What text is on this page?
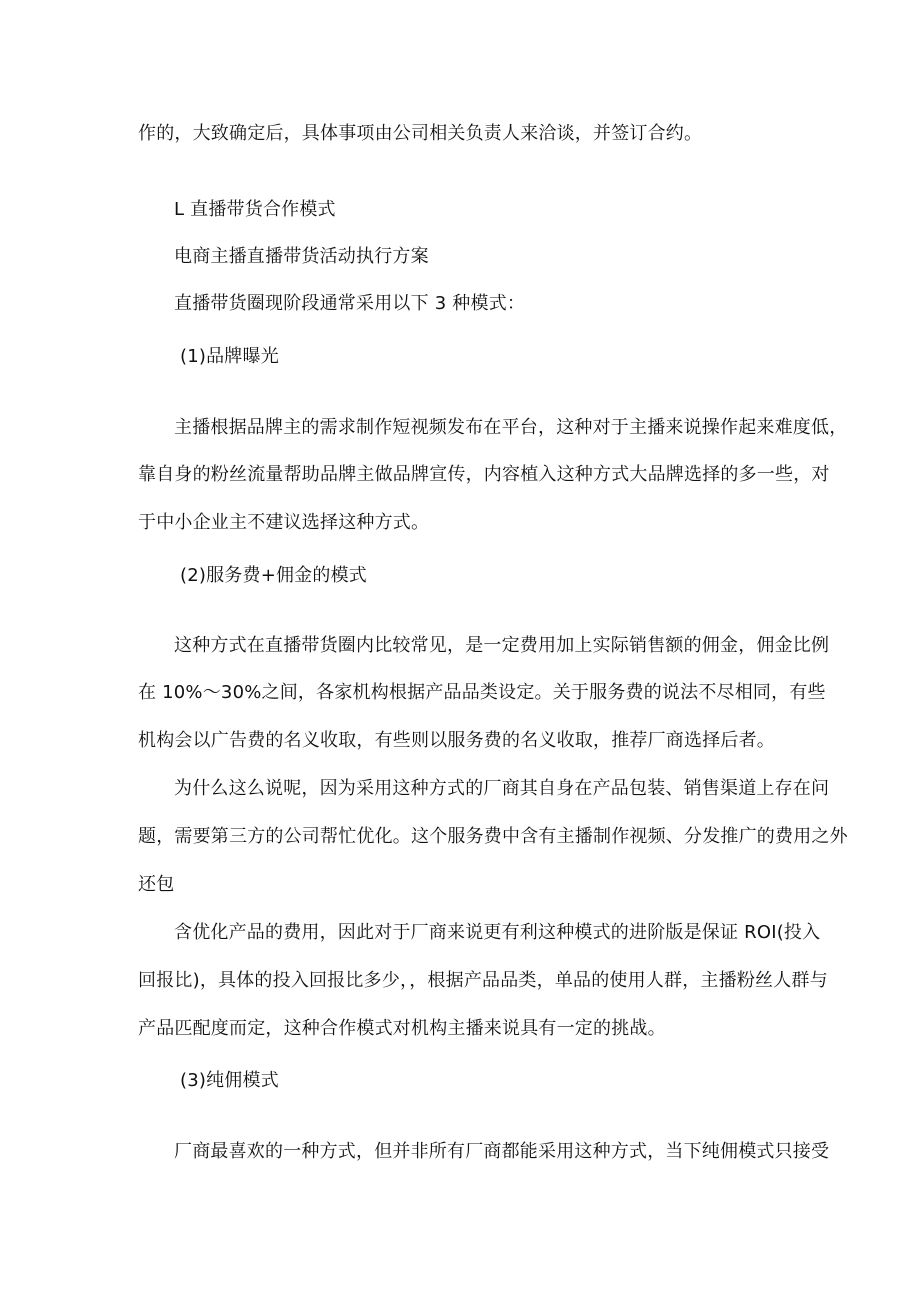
作的，大致确定后，具体事项由公司相关负责人来洽谈，并签订合约。
L 直播带货合作模式
电商主播直播带货活动执行方案
直播带货圈现阶段通常采用以下 3 种模式：
(1)品牌曝光
主播根据品牌主的需求制作短视频发布在平台，这种对于主播来说操作起来难度低，
靠自身的粉丝流量帮助品牌主做品牌宣传，内容植入这种方式大品牌选择的多一些，对
于中小企业主不建议选择这种方式。
(2)服务费+佣金的模式
这种方式在直播带货圈内比较常见，是一定费用加上实际销售额的佣金，佣金比例
在 10%～30%之间，各家机构根据产品品类设定。关于服务费的说法不尽相同，有些
机构会以广告费的名义收取，有些则以服务费的名义收取，推荐厂商选择后者。
为什么这么说呢，因为采用这种方式的厂商其自身在产品包装、销售渠道上存在问
题，需要第三方的公司帮忙优化。这个服务费中含有主播制作视频、分发推广的费用之外
还包
含优化产品的费用，因此对于厂商来说更有利这种模式的进阶版是保证 ROI(投入
回报比)，具体的投入回报比多少，，根据产品品类，单品的使用人群，主播粉丝人群与
产品匹配度而定，这种合作模式对机构主播来说具有一定的挑战。
(3)纯佣模式
厂商最喜欢的一种方式，但并非所有厂商都能采用这种方式，当下纯佣模式只接受
